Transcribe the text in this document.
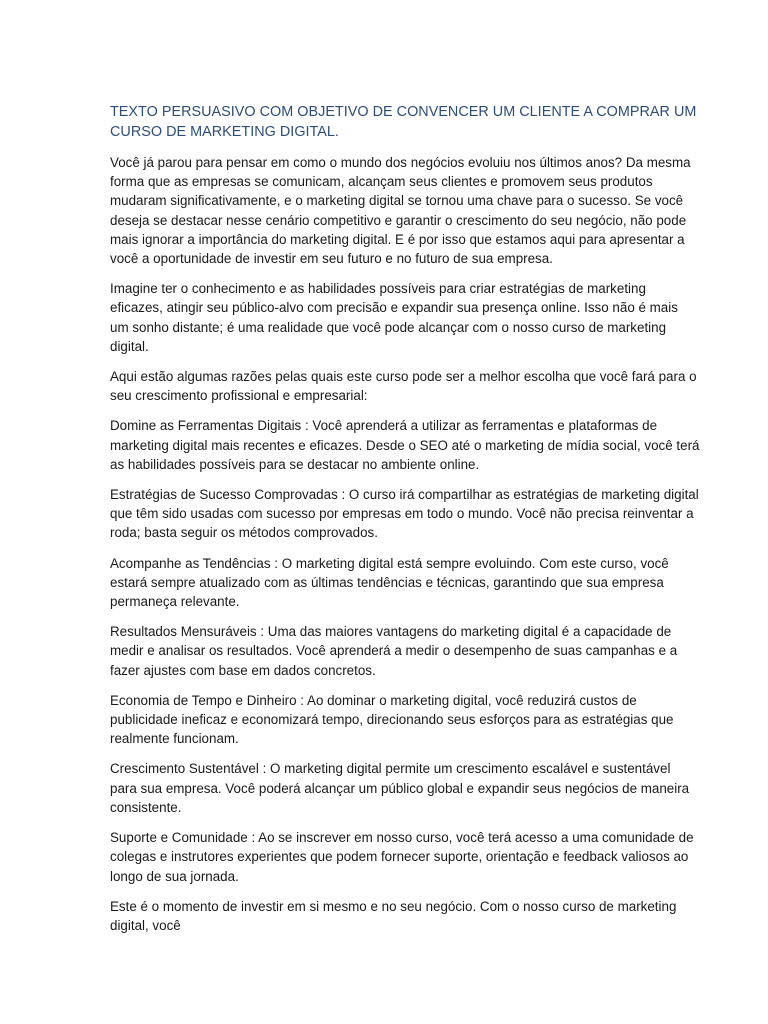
TEXTO PERSUASIVO COM OBJETIVO DE CONVENCER UM CLIENTE A COMPRAR UM CURSO DE MARKETING DIGITAL.

Você já parou para pensar em como o mundo dos negócios evoluiu nos últimos anos? Da mesma forma que as empresas se comunicam, alcançam seus clientes e promovem seus produtos mudaram significativamente, e o marketing digital se tornou uma chave para o sucesso. Se você deseja se destacar nesse cenário competitivo e garantir o crescimento do seu negócio, não pode mais ignorar a importância do marketing digital. E é por isso que estamos aqui para apresentar a você a oportunidade de investir em seu futuro e no futuro de sua empresa.

Imagine ter o conhecimento e as habilidades possíveis para criar estratégias de marketing eficazes, atingir seu público-alvo com precisão e expandir sua presença online. Isso não é mais um sonho distante; é uma realidade que você pode alcançar com o nosso curso de marketing digital.

Aqui estão algumas razões pelas quais este curso pode ser a melhor escolha que você fará para o seu crescimento profissional e empresarial:

Domine as Ferramentas Digitais : Você aprenderá a utilizar as ferramentas e plataformas de marketing digital mais recentes e eficazes. Desde o SEO até o marketing de mídia social, você terá as habilidades possíveis para se destacar no ambiente online.

Estratégias de Sucesso Comprovadas : O curso irá compartilhar as estratégias de marketing digital que têm sido usadas com sucesso por empresas em todo o mundo. Você não precisa reinventar a roda; basta seguir os métodos comprovados.

Acompanhe as Tendências : O marketing digital está sempre evoluindo. Com este curso, você estará sempre atualizado com as últimas tendências e técnicas, garantindo que sua empresa permaneça relevante.

Resultados Mensuráveis : Uma das maiores vantagens do marketing digital é a capacidade de medir e analisar os resultados. Você aprenderá a medir o desempenho de suas campanhas e a fazer ajustes com base em dados concretos.

Economia de Tempo e Dinheiro : Ao dominar o marketing digital, você reduzirá custos de publicidade ineficaz e economizará tempo, direcionando seus esforços para as estratégias que realmente funcionam.

Crescimento Sustentável : O marketing digital permite um crescimento escalável e sustentável para sua empresa. Você poderá alcançar um público global e expandir seus negócios de maneira consistente.

Suporte e Comunidade : Ao se inscrever em nosso curso, você terá acesso a uma comunidade de colegas e instrutores experientes que podem fornecer suporte, orientação e feedback valiosos ao longo de sua jornada.

Este é o momento de investir em si mesmo e no seu negócio. Com o nosso curso de marketing digital, você
